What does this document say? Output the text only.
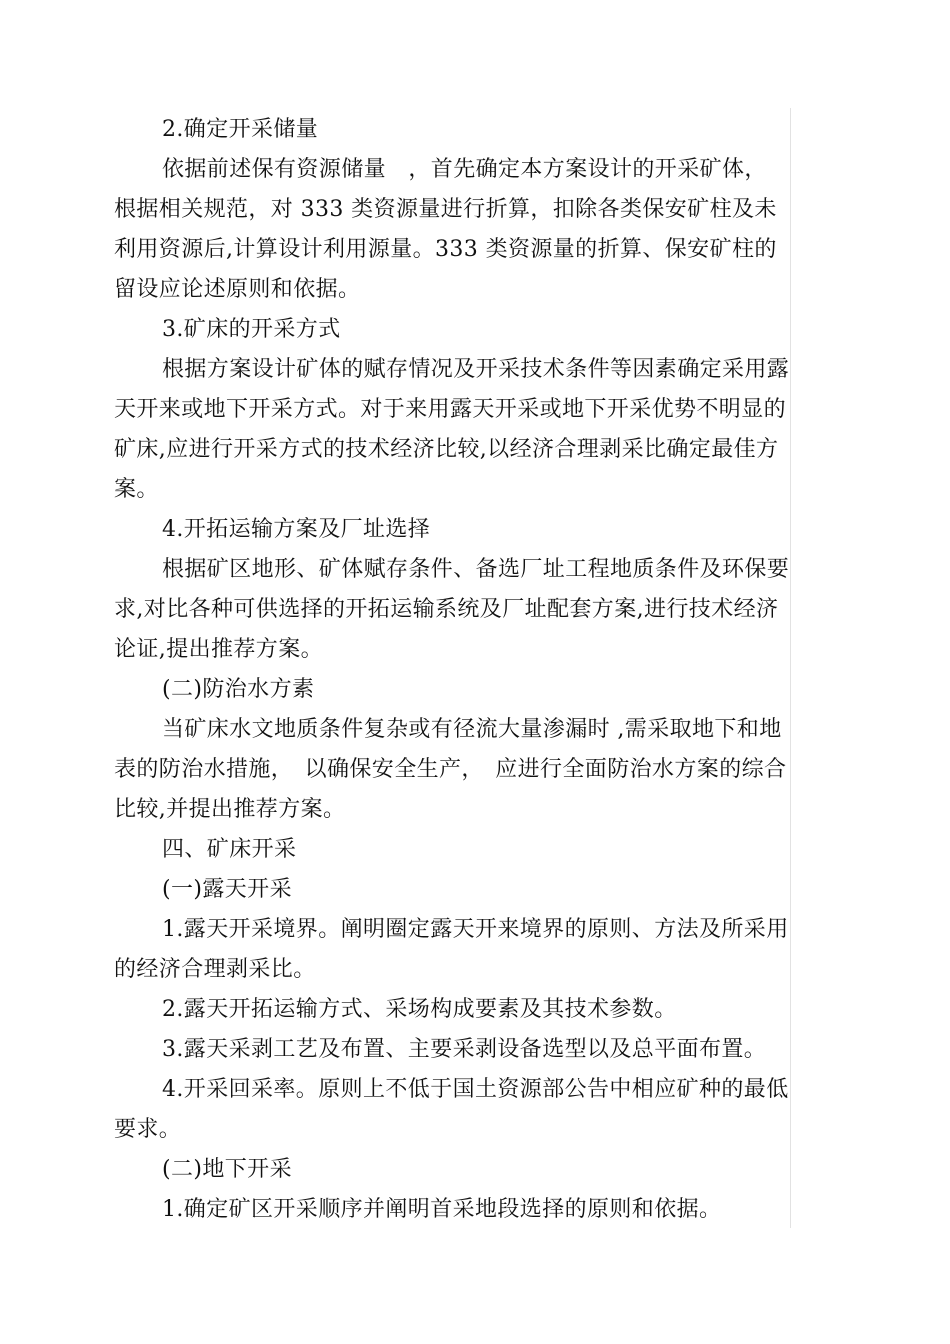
2.确定开采储量

依据前述保有资源储量　，首先确定本方案设计的开采矿体，　根据相关规范，对 333 类资源量进行折算，扣除各类保安矿柱及未利用资源后,计算设计利用源量。333 类资源量的折算、保安矿柱的留设应论述原则和依据。

3.矿床的开采方式

根据方案设计矿体的赋存情况及开采技术条件等因素确定采用露天开来或地下开采方式。对于来用露天开采或地下开采优势不明显的矿床,应进行开采方式的技术经济比较,以经济合理剥采比确定最佳方案。

4.开拓运输方案及厂址选择

根据矿区地形、矿体赋存条件、备选厂址工程地质条件及环保要求,对比各种可供选择的开拓运输系统及厂址配套方案,进行技术经济论证,提出推荐方案。

(二)防治水方素

当矿床水文地质条件复杂或有径流大量渗漏时 ,需采取地下和地表的防治水措施，　以确保安全生产，　应进行全面防治水方案的综合比较,并提出推荐方案。

四、矿床开采

(一)露天开采

1.露天开采境界。阐明圈定露天开来境界的原则、方法及所采用的经济合理剥采比。

2.露天开拓运输方式、采场构成要素及其技术参数。

3.露天采剥工艺及布置、主要采剥设备选型以及总平面布置。

4.开采回采率。原则上不低于国土资源部公告中相应矿种的最低要求。

(二)地下开采

1.确定矿区开采顺序并阐明首采地段选择的原则和依据。
